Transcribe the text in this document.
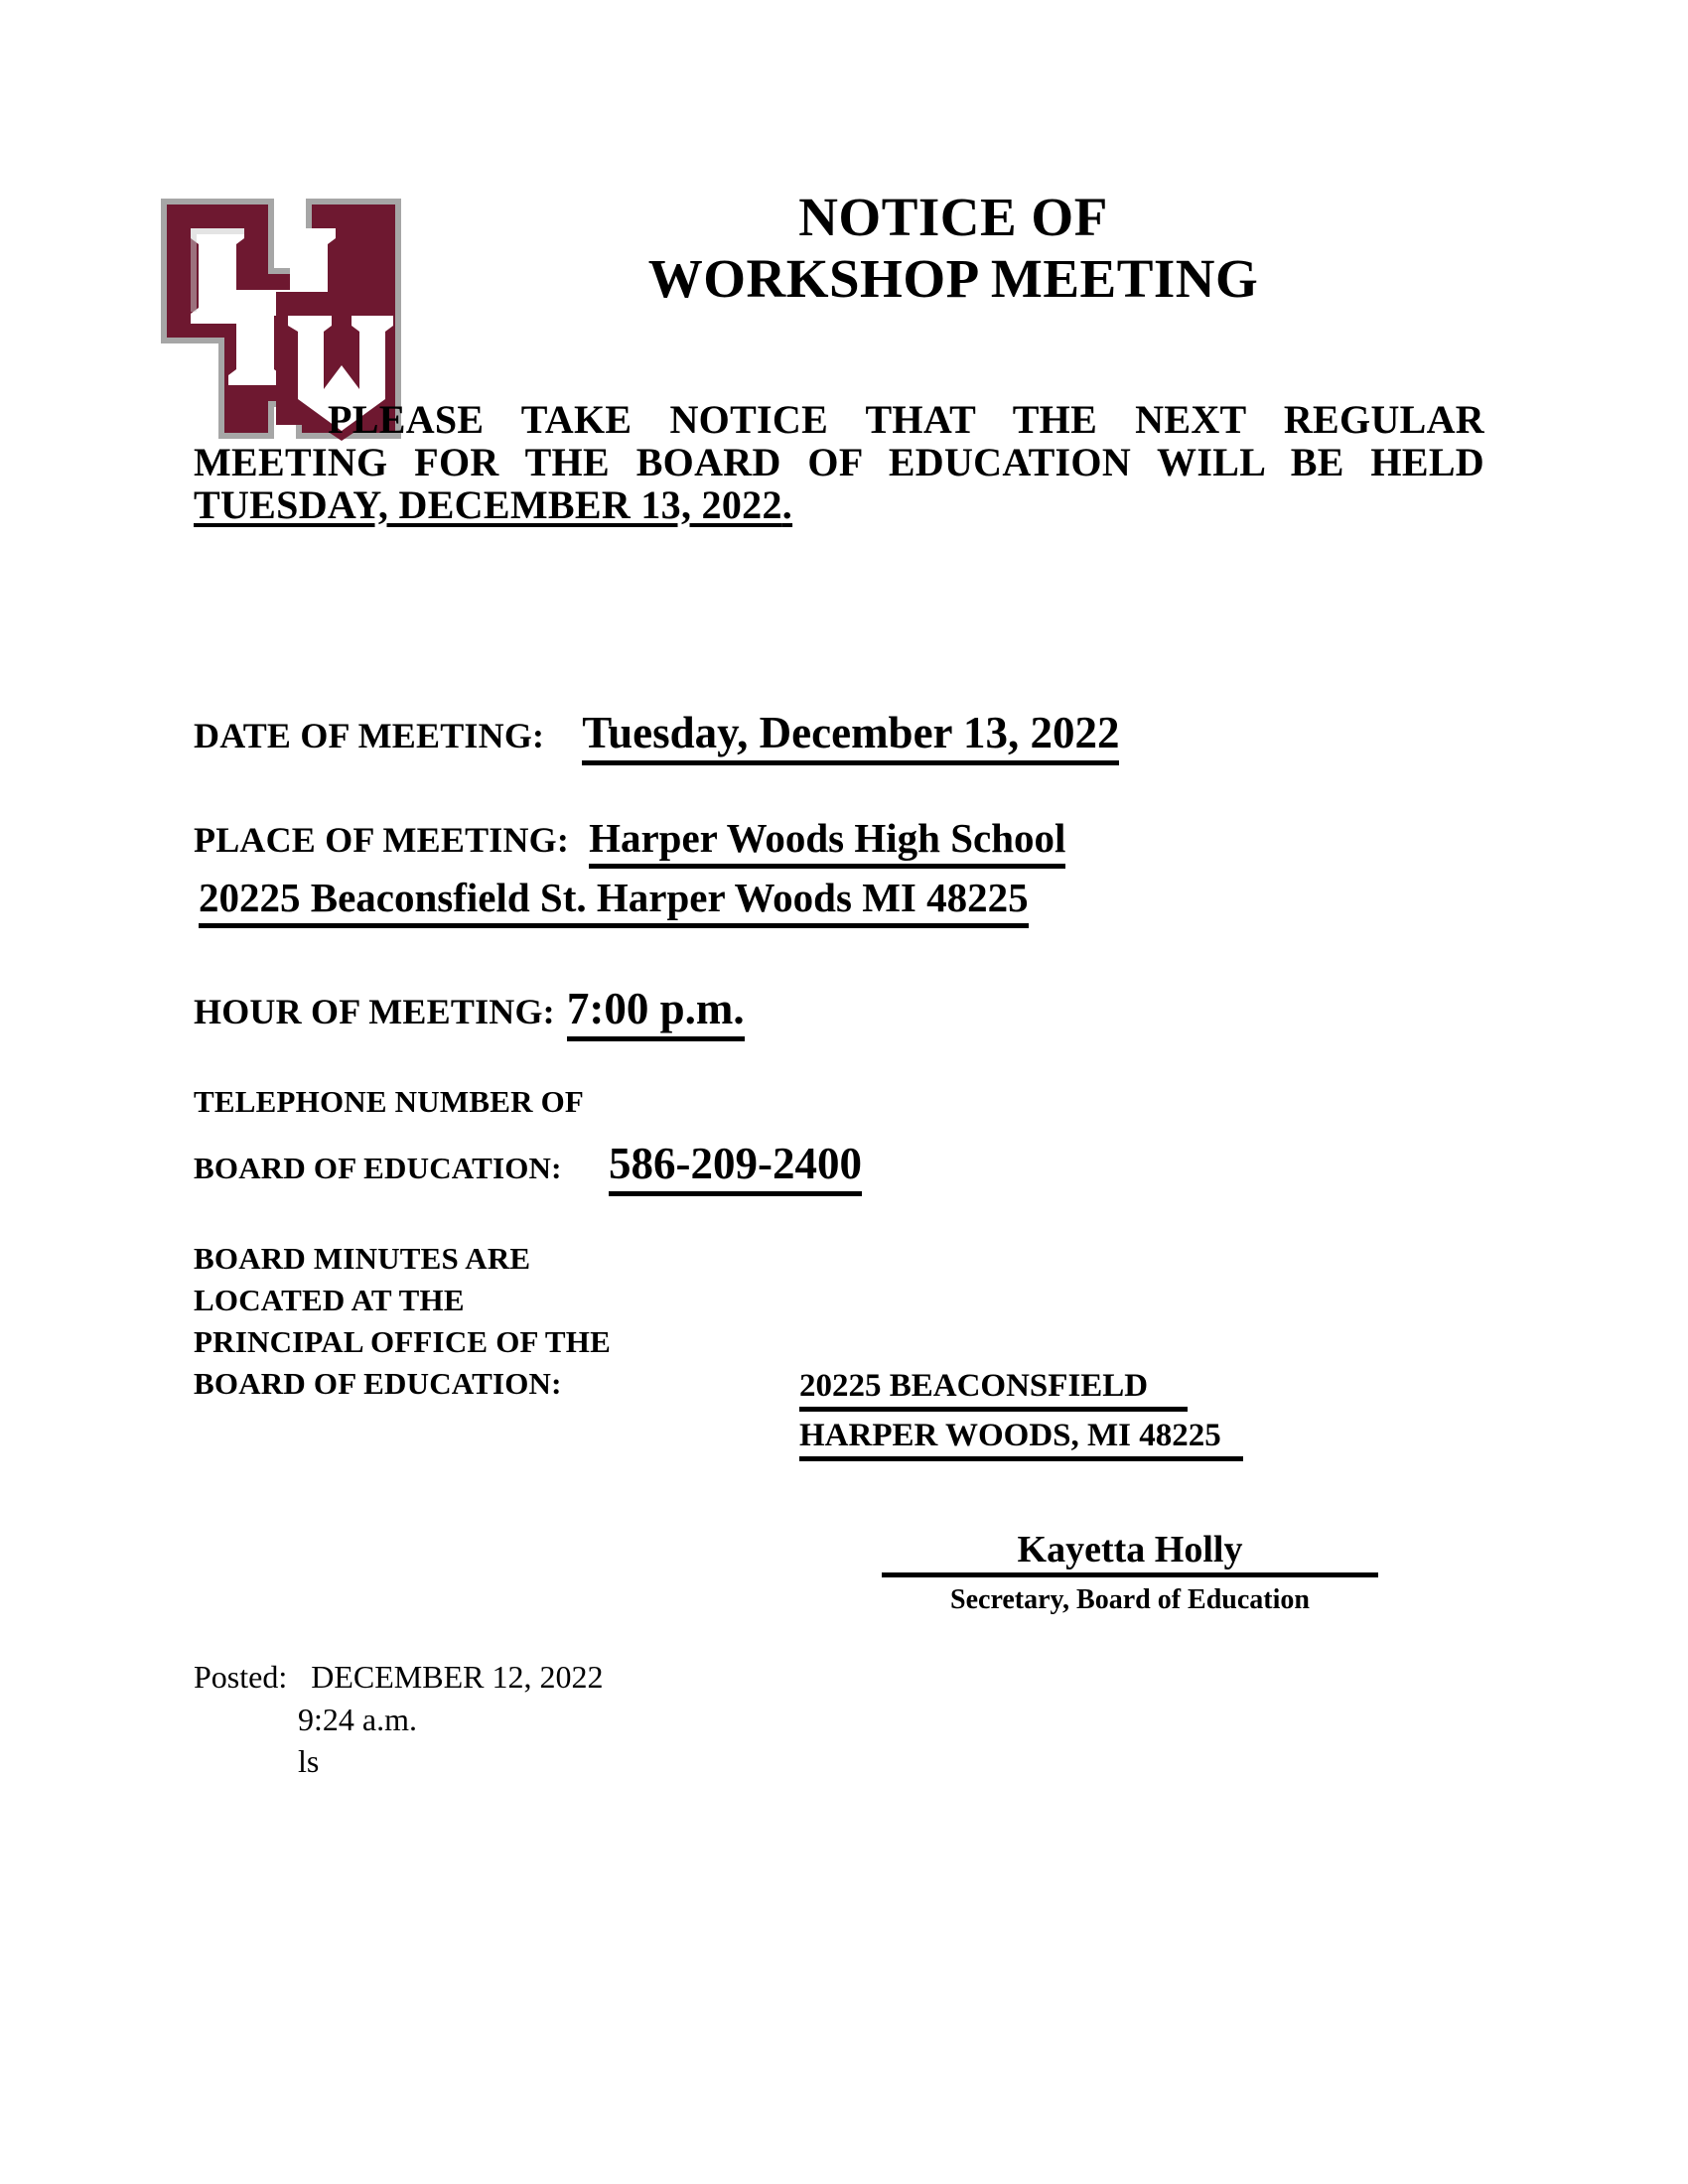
NOTICE OF
WORKSHOP MEETING
PLEASE TAKE NOTICE THAT THE NEXT REGULAR MEETING FOR THE BOARD OF EDUCATION WILL BE HELD TUESDAY, DECEMBER 13, 2022.
DATE OF MEETING: Tuesday, December 13, 2022
PLACE OF MEETING: Harper Woods High School
20225 Beaconsfield St. Harper Woods MI 48225
HOUR OF MEETING: 7:00 p.m.
TELEPHONE NUMBER OF
BOARD OF EDUCATION: 586-209-2400
BOARD MINUTES ARE
LOCATED AT THE
PRINCIPAL OFFICE OF THE
BOARD OF EDUCATION:	20225 BEACONSFIELD
HARPER WOODS, MI 48225
Kayetta Holly
Secretary, Board of Education
Posted: DECEMBER 12, 2022
9:24 a.m.
ls
